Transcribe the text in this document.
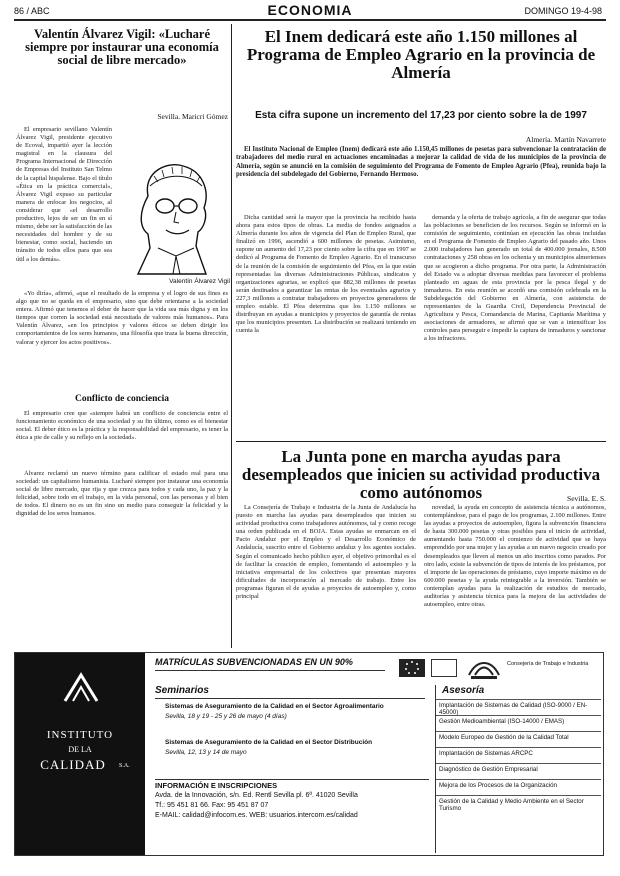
86 / ABC	ECONOMIA	DOMINGO 19-4-98
Valentín Álvarez Vigil: «Lucharé siempre por instaurar una economía social de libre mercado»
Sevilla. Maricri Gómez

El empresario sevillano Valentín Álvarez Vigil, presidente ejecutivo de Ecoval, impartió ayer la lección magistral en la clausura del Programa Internacional de Dirección de Empresas del Instituto San Telmo de la capital hispalense. Bajo el título «Ética en la práctica comercial», Álvarez Vigil expuso su particular manera de enfocar los negocios, al considerar que «el desarrollo productivo, lejos de ser un fin en sí mismo, debe ser la satisfacción de las necesidades del hombre y de su bienestar, como social, haciendo un tránsito de todos ellos para que sea útil a los demás».

Valentín Álvarez Vigil

«Yo diría», afirmó, «que el resultado de la empresa y el logro de sus fines es algo que no se queda en el empresario, sino que debe orientarse a la sociedad entera. Afirmó que tenemos el deber de hacer que la vida sea más digna y en los tiempos que corren la sociedad está necesitada de valores más humanos». Para Valentín Álvarez, «en los principios y valores éticos se deben dirigir los comportamientos de los seres humanos, una filosofía que traza la buena dirección, valorar y ejercer los actos positivos».

Conflicto de conciencia

El empresario cree que «siempre habrá un conflicto de conciencia entre el funcionamiento económico de una sociedad y su fin último, como es el bienestar social. El deber ético es la práctica y la responsabilidad del empresario, es tener la ética a pie de calle y su reflejo en la sociedad».

Álvarez reclamó un nuevo término para calificar el estado real para una sociedad: un capitalismo humanista. Lucharé siempre por instaurar una economía social de libre mercado, que rija y que crezca para todos y cada uno, la paz y la felicidad, sobre todo en el trabajo, en la vida personal, con las personas y el bien de todos. El dinero no es un fin sino un medio para conseguir la felicidad y la dignidad de los seres humanos.

El Inem dedicará este año 1.150 millones al Programa de Empleo Agrario en la provincia de Almería
Esta cifra supone un incremento del 17,23 por ciento sobre la de 1997
Almería. Martín Navarrete

El Instituto Nacional de Empleo (Inem) dedicará este año 1.150,45 millones de pesetas para subvencionar la contratación de trabajadores del medio rural en actuaciones encaminadas a mejorar la calidad de vida de los municipios de la provincia de Almería, según se anunció en la comisión de seguimiento del Programa de Fomento de Empleo Agrario (Pfea), reunida bajo la presidencia del subdelegado del Gobierno, Fernando Hermoso.

Dicha cantidad será la mayor que la provincia ha recibido hasta ahora para estos tipos de obras. La media de fondos asignados a Almería durante los años de vigencia del Plan de Empleo Rural, que finalizó en 1996, ascendió a 600 millones de pesetas. Asimismo, supone un aumento del 17,23 por ciento sobre la cifra que en 1997 se dedicó al Programa de Fomento de Empleo Agrario. En el transcurso de la reunión de la comisión de seguimiento del Pfea, en la que están representadas las diversas Administraciones Públicas, sindicatos y organizaciones agrarias, se explicó que 882,38 millones de pesetas serán destinados a garantizar las rentas de los eventuales agrarios y 227,3 millones a contratar trabajadores en proyectos generadores de empleo estable. El Pfea determina que los 1.150 millones se distribuyan en ayudas a municipios y proyectos de garantía de rentas que los municipios presenten. La distribución se realizará teniendo en cuenta la

demanda y la oferta de trabajo agrícola, a fin de asegurar que todas las poblaciones se beneficien de los recursos. Según se informó en la comisión de seguimiento, continúan en ejecución las obras incluidas en el Programa de Fomento de Empleo Agrario del pasado año. Unos 2.000 trabajadores han generado un total de 400.000 jornales, 8.500 contrataciones y 258 obras en los ochenta y un municipios almerienses que se acogieron a dicho programa. Por otra parte, la Administración del Estado va a adoptar diversas medidas para favorecer el problema planteado en aguas de esta provincia por la pesca ilegal y de inmaduros. En esta reunión se acordó una comisión celebrada en la Subdelegación del Gobierno en Almería, con asistencia de representantes de la Guardia Civil, Dependencia Provincial de Agricultura y Pesca, Comandancia de Marina, Capitanía Marítima y asociaciones de armadores, se afirmó que se van a intensificar los controles para perseguir e impedir la captura de inmaduros y sancionar a los infractores.

La Junta pone en marcha ayudas para desempleados que inicien su actividad productiva como autónomos	Sevilla. E. S.

La Consejería de Trabajo e Industria de la Junta de Andalucía ha puesto en marcha las ayudas para desempleados que inicien su actividad productiva como trabajadores autónomos, tal y como recoge una orden publicada en el BOJA. Estas ayudas se enmarcan en el Pacto Andaluz por el Empleo y el Desarrollo Económico de Andalucía, suscrito entre el Gobierno andaluz y los agentes sociales. Según el comunicado hecho público ayer, el objetivo primordial es el de facilitar la creación de empleo, fomentando el autoempleo y la iniciativa empresarial de los colectivos que presentan mayores dificultades de incorporación al mercado de trabajo. Entre los programas figuran el de ayudas a proyectos de autoempleo y, como principal

novedad, la ayuda en concepto de asistencia técnica a autónomos, contemplándose, para el pago de los programas, 2.100 millones. Entre las ayudas a proyectos de autoempleo, figura la subvención financiera de hasta 300.000 pesetas y otras posibles para el inicio de actividad, aumentando hasta 750.000 el comienzo de actividad que se haya emprendido por una mujer y las ayudas a un nuevo negocio creado por desempleados que lleven al menos un año inscritos como parados. Por otro lado, existe la subvención de tipos de interés de los préstamos, por el importe de las operaciones de préstamo, cuyo importe máximo es de 600.000 pesetas y la ayuda reintegrable a la inversión. También se contemplan ayudas para la realización de estudios de mercado, auditorías y asistencia técnica para la mejora de las actividades de autoempleo, entre otras.

INSTITUTO
DE LA
CALIDAD	S.A.
MATRÍCULAS SUBVENCIONADAS EN UN 90%	Consejería de Trabajo e Industria
Seminarios
Sistemas de Aseguramiento de la Calidad en el Sector Agroalimentario
Sevilla, 18 y 19 - 25 y 26 de mayo (4 días)
Sistemas de Aseguramiento de la Calidad en el Sector Distribución
Sevilla, 12, 13 y 14 de mayo
INFORMACIÓN E INSCRIPCIONES
Avda. de la Innovación, s/n. Ed. Rentl Sevilla pl. 6ª. 41020 Sevilla
Tf.: 95 451 81 66. Fax: 95 451 87 07
E-MAIL: calidad@infocom.es. WEB: usuarios.intercom.es/calidad
Asesoría
Implantación de Sistemas de Calidad (ISO-9000 / EN-45000)
Gestión Medioambiental (ISO-14000 / EMAS)
Modelo Europeo de Gestión de la Calidad Total
Implantación de Sistemas ARCPC
Diagnóstico de Gestión Empresarial
Mejora de los Procesos de la Organización
Gestión de la Calidad y Medio Ambiente en el Sector Turismo
